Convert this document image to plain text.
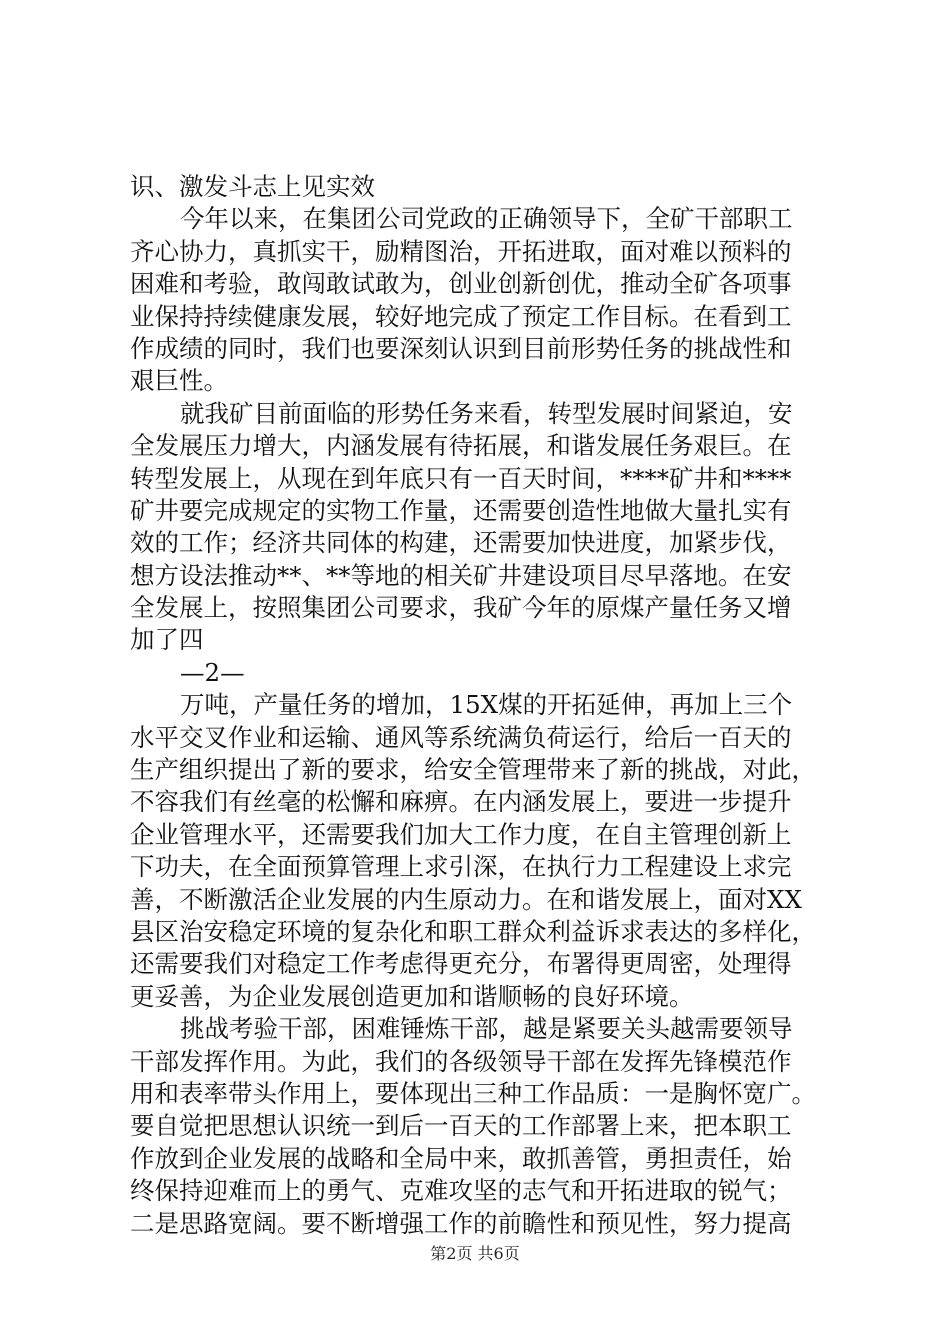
识、激发斗志上见实效
今年以来，在集团公司党政的正确领导下，全矿干部职工
齐心协力，真抓实干，励精图治，开拓进取，面对难以预料的
困难和考验，敢闯敢试敢为，创业创新创优，推动全矿各项事
业保持持续健康发展，较好地完成了预定工作目标。在看到工
作成绩的同时，我们也要深刻认识到目前形势任务的挑战性和
艰巨性。
就我矿目前面临的形势任务来看，转型发展时间紧迫，安
全发展压力增大，内涵发展有待拓展，和谐发展任务艰巨。在
转型发展上，从现在到年底只有一百天时间，****矿井和****
矿井要完成规定的实物工作量，还需要创造性地做大量扎实有
效的工作；经济共同体的构建，还需要加快进度，加紧步伐，
想方设法推动**、**等地的相关矿井建设项目尽早落地。在安
全发展上，按照集团公司要求，我矿今年的原煤产量任务又增
加了四
—2—
万吨，产量任务的增加，15X煤的开拓延伸，再加上三个
水平交叉作业和运输、通风等系统满负荷运行，给后一百天的
生产组织提出了新的要求，给安全管理带来了新的挑战，对此，
不容我们有丝毫的松懈和麻痹。在内涵发展上，要进一步提升
企业管理水平，还需要我们加大工作力度，在自主管理创新上
下功夫，在全面预算管理上求引深，在执行力工程建设上求完
善，不断激活企业发展的内生原动力。在和谐发展上，面对XX
县区治安稳定环境的复杂化和职工群众利益诉求表达的多样化，
还需要我们对稳定工作考虑得更充分，布署得更周密，处理得
更妥善，为企业发展创造更加和谐顺畅的良好环境。
挑战考验干部，困难锤炼干部，越是紧要关头越需要领导
干部发挥作用。为此，我们的各级领导干部在发挥先锋模范作
用和表率带头作用上，要体现出三种工作品质：一是胸怀宽广。
要自觉把思想认识统一到后一百天的工作部署上来，把本职工
作放到企业发展的战略和全局中来，敢抓善管，勇担责任，始
终保持迎难而上的勇气、克难攻坚的志气和开拓进取的锐气；
二是思路宽阔。要不断增强工作的前瞻性和预见性，努力提高
第2页 共6页
